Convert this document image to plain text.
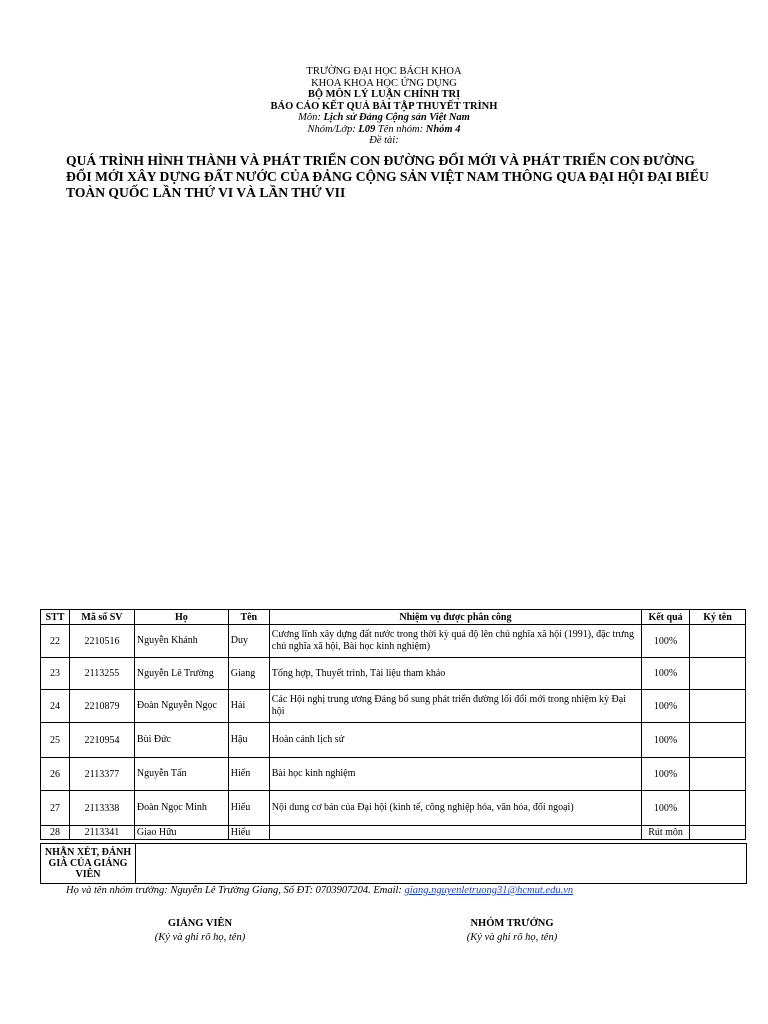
TRƯỜNG ĐẠI HỌC BÁCH KHOA
KHOA KHOA HỌC ỨNG DỤNG
BỘ MÔN LÝ LUẬN CHÍNH TRỊ
BÁO CÁO KẾT QUẢ BÀI TẬP THUYẾT TRÌNH
Môn: Lịch sử Đảng Cộng sản Việt Nam
Nhóm/Lớp: L09 Tên nhóm: Nhóm 4
Đề tài:
QUÁ TRÌNH HÌNH THÀNH VÀ PHÁT TRIỂN CON ĐƯỜNG ĐỔI MỚI VÀ PHÁT TRIỂN CON ĐƯỜNG ĐỔI MỚI XÂY DỰNG ĐẤT NƯỚC CỦA ĐẢNG CỘNG SẢN VIỆT NAM THÔNG QUA ĐẠI HỘI ĐẠI BIỂU TOÀN QUỐC LẦN THỨ VI VÀ LẦN THỨ VII
STT	Mã số SV	Họ	Tên	Nhiệm vụ được phân công	Kết quả	Ký tên
22	2210516	Nguyễn Khánh	Duy	Cương lĩnh xây dựng đất nước trong thời kỳ quá độ lên chủ nghĩa xã hội (1991), đặc trưng chủ nghĩa xã hội, Bài học kinh nghiệm)	100%	
23	2113255	Nguyễn Lê Trường	Giang	Tổng hợp, Thuyết trình, Tài liệu tham khảo	100%	
24	2210879	Đoàn Nguyễn Ngọc	Hải	Các Hội nghị trung ương Đảng bổ sung phát triển đường lối đổi mới trong nhiệm kỳ Đại hội	100%	
25	2210954	Bùi Đức	Hậu	Hoàn cảnh lịch sử	100%	
26	2113377	Nguyễn Tấn	Hiến	Bài học kinh nghiệm	100%	
27	2113338	Đoàn Ngọc Minh	Hiếu	Nội dung cơ bản của Đại hội (kinh tế, công nghiệp hóa, văn hóa, đối ngoại)	100%	
28	2113341	Giao Hữu	Hiếu		Rút môn	
NHẬN XÉT, ĐÁNH GIÁ CỦA GIẢNG VIÊN
Họ và tên nhóm trưởng: Nguyễn Lê Trường Giang, Số ĐT: 0703907204. Email: giang.nguyenletruong31@hcmut.edu.vn
GIẢNG VIÊN
(Ký và ghi rõ họ, tên)
NHÓM TRƯỞNG
(Ký và ghi rõ họ, tên)
